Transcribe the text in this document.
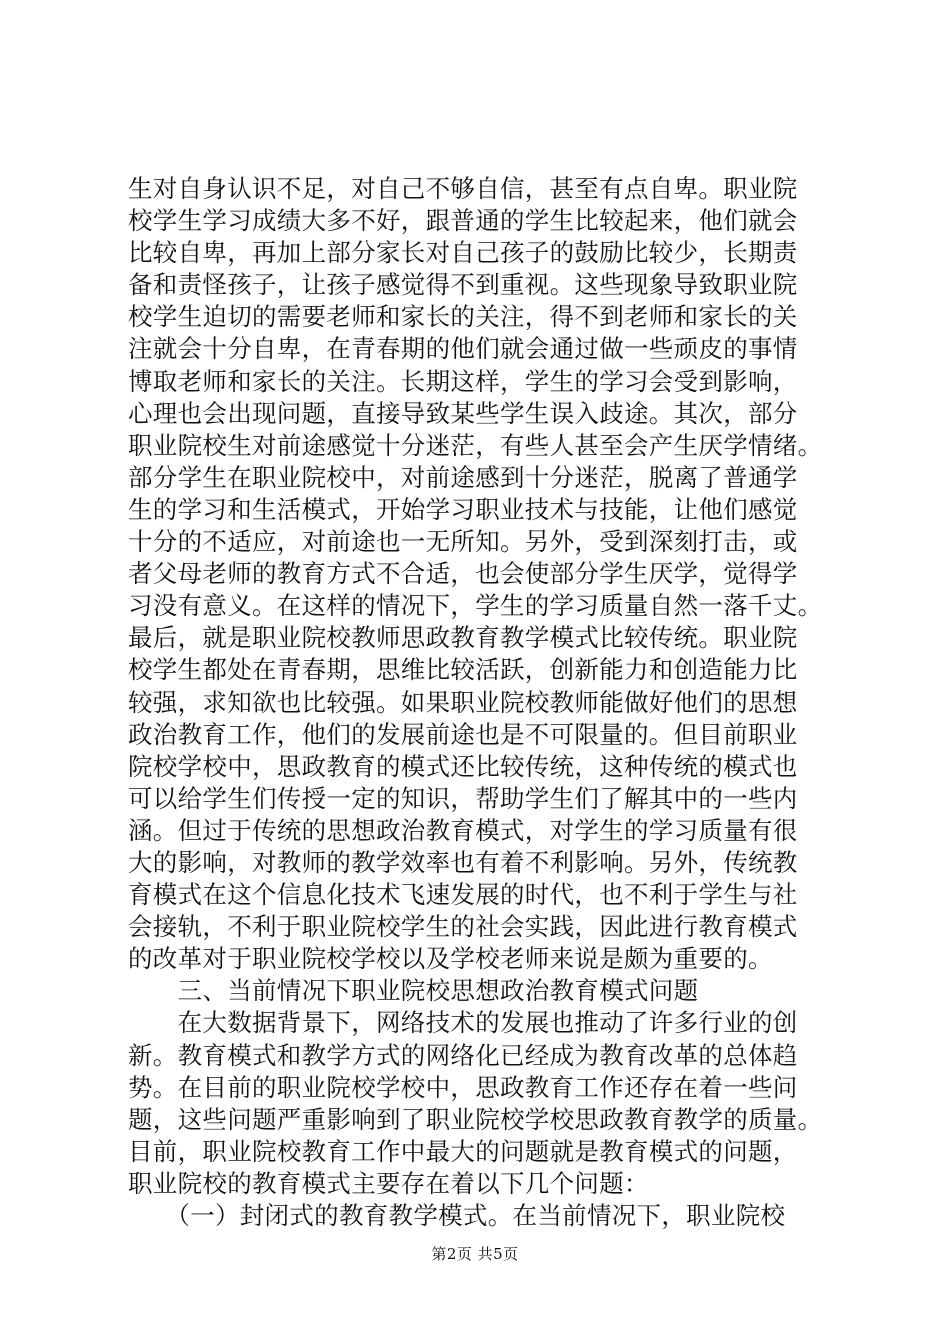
生对自身认识不足，对自己不够自信，甚至有点自卑。职业院
校学生学习成绩大多不好，跟普通的学生比较起来，他们就会
比较自卑，再加上部分家长对自己孩子的鼓励比较少，长期责
备和责怪孩子，让孩子感觉得不到重视。这些现象导致职业院
校学生迫切的需要老师和家长的关注，得不到老师和家长的关
注就会十分自卑，在青春期的他们就会通过做一些顽皮的事情
博取老师和家长的关注。长期这样，学生的学习会受到影响，
心理也会出现问题，直接导致某些学生误入歧途。其次，部分
职业院校生对前途感觉十分迷茫，有些人甚至会产生厌学情绪。
部分学生在职业院校中，对前途感到十分迷茫，脱离了普通学
生的学习和生活模式，开始学习职业技术与技能，让他们感觉
十分的不适应，对前途也一无所知。另外，受到深刻打击，或
者父母老师的教育方式不合适，也会使部分学生厌学，觉得学
习没有意义。在这样的情况下，学生的学习质量自然一落千丈。
最后，就是职业院校教师思政教育教学模式比较传统。职业院
校学生都处在青春期，思维比较活跃，创新能力和创造能力比
较强，求知欲也比较强。如果职业院校教师能做好他们的思想
政治教育工作，他们的发展前途也是不可限量的。但目前职业
院校学校中，思政教育的模式还比较传统，这种传统的模式也
可以给学生们传授一定的知识，帮助学生们了解其中的一些内
涵。但过于传统的思想政治教育模式，对学生的学习质量有很
大的影响，对教师的教学效率也有着不利影响。另外，传统教
育模式在这个信息化技术飞速发展的时代，也不利于学生与社
会接轨，不利于职业院校学生的社会实践，因此进行教育模式
的改革对于职业院校学校以及学校老师来说是颇为重要的。
　　三、当前情况下职业院校思想政治教育模式问题
　　在大数据背景下，网络技术的发展也推动了许多行业的创
新。教育模式和教学方式的网络化已经成为教育改革的总体趋
势。在目前的职业院校学校中，思政教育工作还存在着一些问
题，这些问题严重影响到了职业院校学校思政教育教学的质量。
目前，职业院校教育工作中最大的问题就是教育模式的问题，
职业院校的教育模式主要存在着以下几个问题：
　　（一）封闭式的教育教学模式。在当前情况下，职业院校
第2页 共5页
